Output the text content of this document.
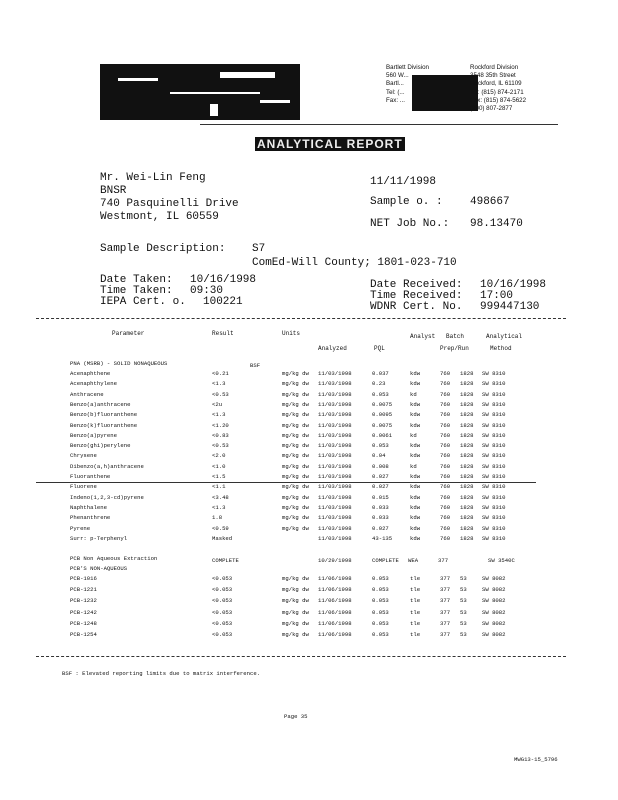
Bartlett Division
560 W...
Bartl...
Tel: (...
Fax: ...
Rockford Division
3548 35th Street
Rockford, IL 61109
Tel: (815) 874-2171
Fax: (815) 874-5622
(800) 807-2877
ANALYTICAL REPORT
Mr. Wei-Lin Feng
BNSR
740 Pasquinelli Drive
Westmont, IL 60559
11/11/1998
Sample o. : 498667
NET Job No.: 98.13470
Sample Description: S7
ComEd-Will County; 1801-023-710
Date Taken: 10/16/1998
Time Taken: 09:30
IEPA Cert. o. 100221
Date Received: 10/16/1998
Time Received: 17:00
WDNR Cert. No. 999447130
Parameter	Result	Units
Analyzed	PQL
Analyst Batch
Prep/Run
Analytical
Method
PNA (MSRB) - SOLID NONAQUEOUS	BSF
Acenaphthene	<0.21	mg/kg dw 11/03/1998	0.037	kdw	760 1828 SW 8310
Acenaphthylene	<1.3	mg/kg dw 11/03/1998	0.23	kdw	760 1828 SW 8310
Anthracene	<0.53	mg/kg dw 11/03/1998	0.053	kd	760 1828 SW 8310
Benzo(a)anthracene	<2u	mg/kg dw 11/03/1998	0.0075	kdw	760 1828 SW 8310
Benzo(b)fluoranthene	<1.3	mg/kg dw 11/03/1998	0.0095	kdw	760 1828 SW 8310
Benzo(k)fluoranthene	<1.20	mg/kg dw 11/03/1998	0.0075	kdw	760 1828 SW 8310
Benzo(a)pyrene	<0.83	mg/kg dw 11/03/1998	0.0061	kd	760 1828 SW 8310
Benzo(ghi)perylene	<0.53	mg/kg dw 11/03/1998	0.053	kdw	760 1828 SW 8310
Chrysene	<2.0	mg/kg dw 11/03/1998	0.04	kdw	760 1828 SW 8310
Dibenzo(a,h)anthracene	<1.0	mg/kg dw 11/03/1998	0.008	kd	760 1828 SW 8310
Fluoranthene	<1.5	mg/kg dw 11/03/1998	0.027	kdw	760 1828 SW 8310
Fluorene	<1.1	mg/kg dw 11/03/1998	0.027	kdw	760 1828 SW 8310
Indeno(1,2,3-cd)pyrene	<3.48	mg/kg dw 11/03/1998	0.015	kdw	760 1828 SW 8310
Naphthalene	<1.3	mg/kg dw 11/03/1998	0.033	kdw	760 1828 SW 8310
Phenanthrene	1.8	mg/kg dw 11/03/1998	0.033	kdw	760 1828 SW 8310
Pyrene	<0.59	mg/kg dw 11/03/1998	0.027	kdw	760 1828 SW 8310
Surr: p-Terphenyl	Masked	11/03/1998	43-135	kdw	760 1828 SW 8310
PCB Non Aqueous Extraction	COMPLETE	10/29/1998	COMPLETE WEA	377	SW 3540C
PCB'S NON-AQUEOUS
PCB-1016	<0.053	mg/kg dw 11/06/1998	0.053	tle	377 53	SW 8082
PCB-1221	<0.053	mg/kg dw 11/06/1998	0.053	tle	377 53	SW 8082
PCB-1232	<0.053	mg/kg dw 11/06/1998	0.053	tle	377 53	SW 8082
PCB-1242	<0.053	mg/kg dw 11/06/1998	0.053	tle	377 53	SW 8082
PCB-1248	<0.053	mg/kg dw 11/06/1998	0.053	tle	377 53	SW 8082
PCB-1254	<0.053	mg/kg dw 11/06/1998	0.053	tle	377 53	SW 8082
BSF : Elevated reporting limits due to matrix interference.
Page 35
MWG13-15_5796
